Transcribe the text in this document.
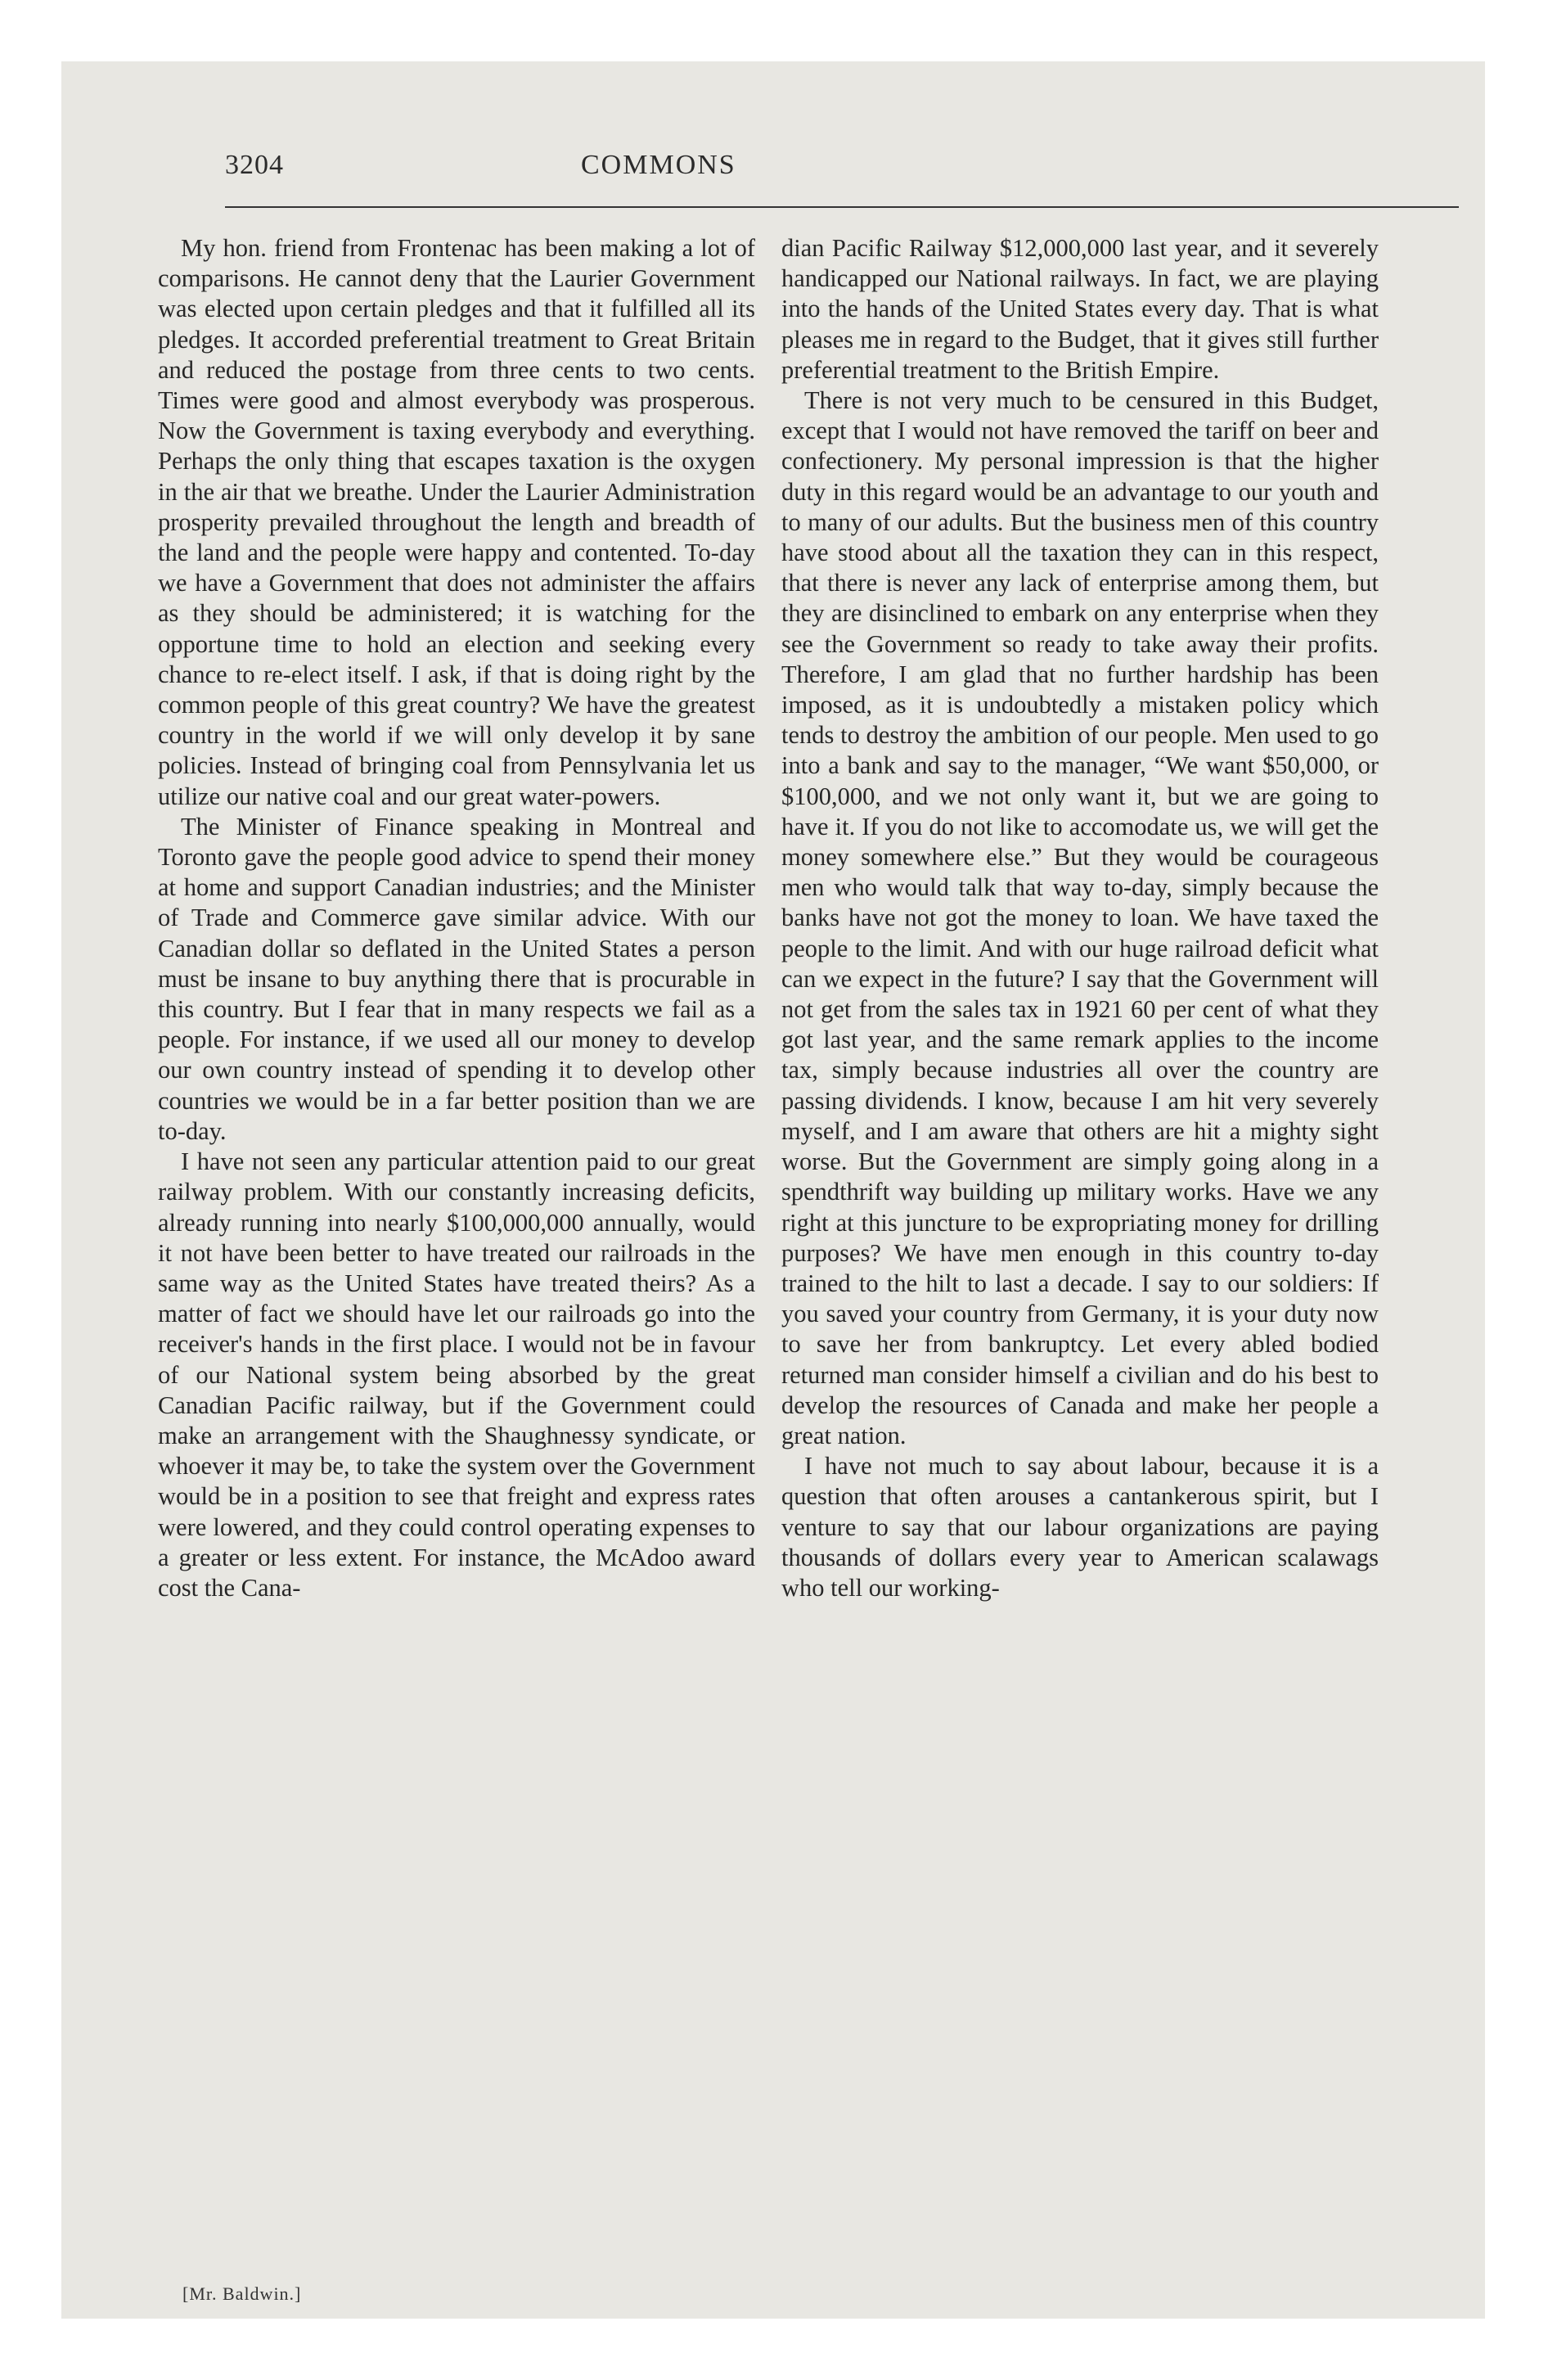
3204	COMMONS

My hon. friend from Frontenac has been making a lot of comparisons. He cannot deny that the Laurier Government was elected upon certain pledges and that it fulfilled all its pledges. It accorded preferential treatment to Great Britain and reduced the postage from three cents to two cents. Times were good and almost everybody was prosperous. Now the Government is taxing everybody and everything. Perhaps the only thing that escapes taxation is the oxygen in the air that we breathe. Under the Laurier Administration prosperity prevailed throughout the length and breadth of the land and the people were happy and contented. To-day we have a Government that does not administer the affairs as they should be administered; it is watching for the opportune time to hold an election and seeking every chance to re-elect itself. I ask, if that is doing right by the common people of this great country? We have the greatest country in the world if we will only develop it by sane policies. Instead of bringing coal from Pennsylvania let us utilize our native coal and our great water-powers.

The Minister of Finance speaking in Montreal and Toronto gave the people good advice to spend their money at home and support Canadian industries; and the Minister of Trade and Commerce gave similar advice. With our Canadian dollar so deflated in the United States a person must be insane to buy anything there that is procurable in this country. But I fear that in many respects we fail as a people. For instance, if we used all our money to develop our own country instead of spending it to develop other countries we would be in a far better position than we are to-day.

I have not seen any particular attention paid to our great railway problem. With our constantly increasing deficits, already running into nearly $100,000,000 annually, would it not have been better to have treated our railroads in the same way as the United States have treated theirs? As a matter of fact we should have let our railroads go into the receiver's hands in the first place. I would not be in favour of our National system being absorbed by the great Canadian Pacific railway, but if the Government could make an arrangement with the Shaughnessy syndicate, or whoever it may be, to take the system over the Government would be in a position to see that freight and express rates were lowered, and they could control operating expenses to a greater or less extent. For instance, the McAdoo award cost the Cana-

dian Pacific Railway $12,000,000 last year, and it severely handicapped our National railways. In fact, we are playing into the hands of the United States every day. That is what pleases me in regard to the Budget, that it gives still further preferential treatment to the British Empire.

There is not very much to be censured in this Budget, except that I would not have removed the tariff on beer and confectionery. My personal impression is that the higher duty in this regard would be an advantage to our youth and to many of our adults. But the business men of this country have stood about all the taxation they can in this respect, that there is never any lack of enterprise among them, but they are disinclined to embark on any enterprise when they see the Government so ready to take away their profits. Therefore, I am glad that no further hardship has been imposed, as it is undoubtedly a mistaken policy which tends to destroy the ambition of our people. Men used to go into a bank and say to the manager, “We want $50,000, or $100,000, and we not only want it, but we are going to have it. If you do not like to accomodate us, we will get the money somewhere else.” But they would be courageous men who would talk that way to-day, simply because the banks have not got the money to loan. We have taxed the people to the limit. And with our huge railroad deficit what can we expect in the future? I say that the Government will not get from the sales tax in 1921 60 per cent of what they got last year, and the same remark applies to the income tax, simply because industries all over the country are passing dividends. I know, because I am hit very severely myself, and I am aware that others are hit a mighty sight worse. But the Government are simply going along in a spendthrift way building up military works. Have we any right at this juncture to be expropriating money for drilling purposes? We have men enough in this country to-day trained to the hilt to last a decade. I say to our soldiers: If you saved your country from Germany, it is your duty now to save her from bankruptcy. Let every abled bodied returned man consider himself a civilian and do his best to develop the resources of Canada and make her people a great nation.

I have not much to say about labour, because it is a question that often arouses a cantankerous spirit, but I venture to say that our labour organizations are paying thousands of dollars every year to American scalawags who tell our working-

[Mr. Baldwin.]
